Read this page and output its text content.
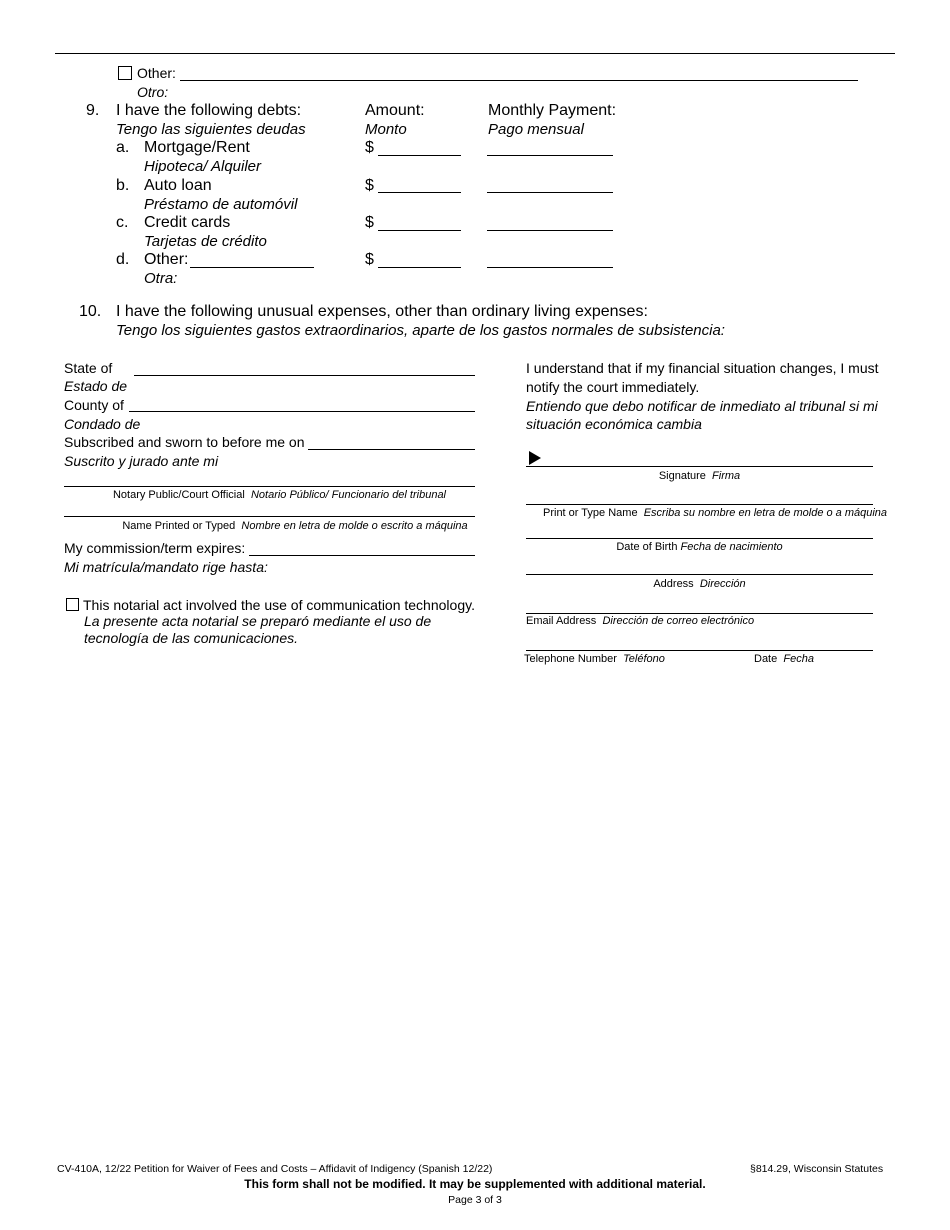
Other:
Otro:
9. I have the following debts:
Tengo las siguientes deudas
Amount:
Monto
Monthly Payment:
Pago mensual
a. Mortgage/Rent
Hipoteca/ Alquiler
$
b. Auto loan
Préstamo de automóvil
$
c. Credit cards
Tarjetas de crédito
$
d. Other:
Otra:
$
10. I have the following unusual expenses, other than ordinary living expenses:
Tengo los siguientes gastos extraordinarios, aparte de los gastos normales de subsistencia:
State of
Estado de
County of
Condado de
Subscribed and sworn to before me on
Suscrito y jurado ante mi
Notary Public/Court Official Notario Público/ Funcionario del tribunal
Name Printed or Typed Nombre en letra de molde o escrito a máquina
My commission/term expires:
Mi matrícula/mandato rige hasta:
This notarial act involved the use of communication technology.
La presente acta notarial se preparó mediante el uso de
tecnología de las comunicaciones.
I understand that if my financial situation changes, I must
notify the court immediately.
Entiendo que debo notificar de inmediato al tribunal si mi
situación económica cambia
Signature Firma
Print or Type Name Escriba su nombre en letra de molde o a máquina
Date of Birth Fecha de nacimiento
Address Dirección
Email Address Dirección de correo electrónico
Telephone Number Teléfono	Date Fecha
CV-410A, 12/22 Petition for Waiver of Fees and Costs – Affidavit of Indigency (Spanish 12/22)	§814.29, Wisconsin Statutes
This form shall not be modified. It may be supplemented with additional material.
Page 3 of 3
